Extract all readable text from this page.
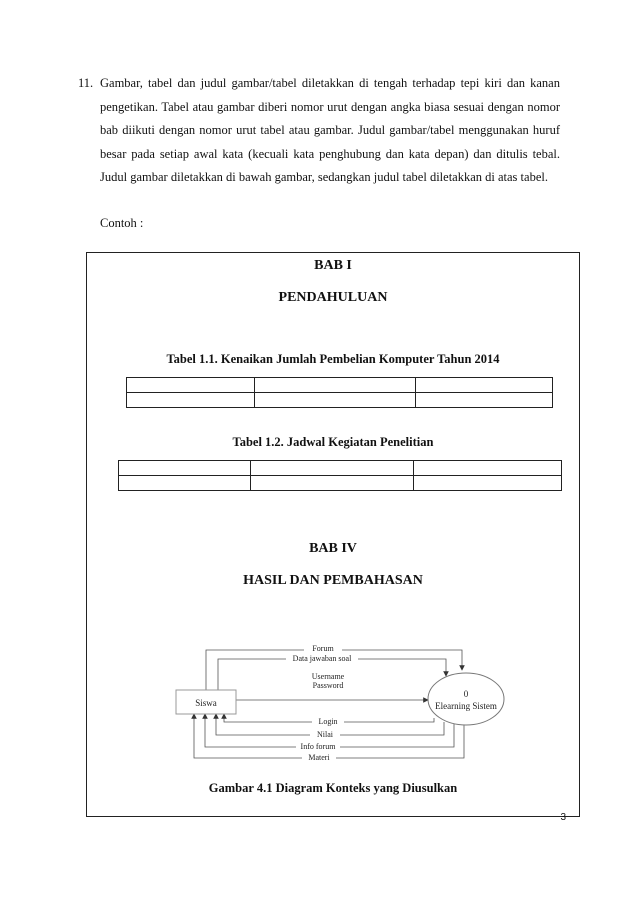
11. Gambar, tabel dan judul gambar/tabel diletakkan di tengah terhadap tepi kiri dan kanan pengetikan. Tabel atau gambar diberi nomor urut dengan angka biasa sesuai dengan nomor bab diikuti dengan nomor urut tabel atau gambar. Judul gambar/tabel menggunakan huruf besar pada setiap awal kata (kecuali kata penghubung dan kata depan) dan ditulis tebal. Judul gambar diletakkan di bawah gambar, sedangkan judul tabel diletakkan di atas tabel.
Contoh :
BAB I
PENDAHULUAN
Tabel 1.1. Kenaikan Jumlah Pembelian Komputer Tahun 2014

Tabel 1.2. Jadwal Kegiatan Penelitian

BAB IV
HASIL DAN PEMBAHASAN
Siswa
0
Elearning Sistem
Forum
Data jawaban soal
Username
Password
Login
Nilai
Info forum
Materi
Gambar 4.1 Diagram Konteks yang Diusulkan
3
